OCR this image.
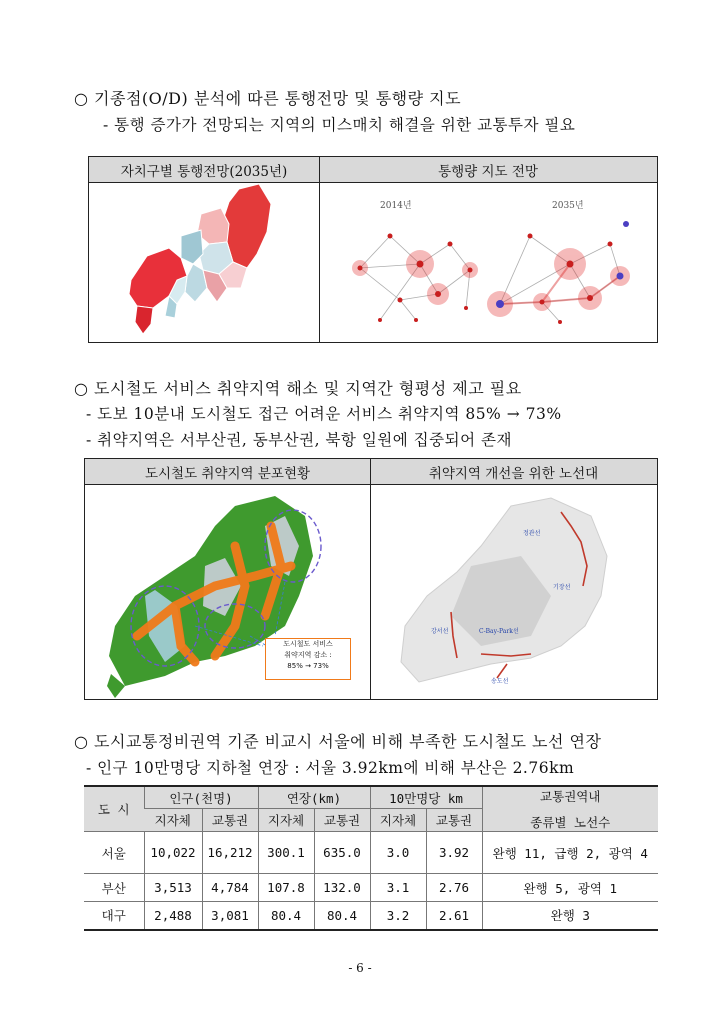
○ 기종점(O/D) 분석에 따른 통행전망 및 통행량 지도
- 통행 증가가 전망되는 지역의 미스매치 해결을 위한 교통투자 필요
자치구별 통행전망(2035년)	통행량 지도 전망
2014년	2035년
○ 도시철도 서비스 취약지역 해소 및 지역간 형평성 제고 필요
- 도보 10분내 도시철도 접근 어려운 서비스 취약지역 85% → 73%
- 취약지역은 서부산권, 동부산권, 북항 일원에 집중되어 존재
도시철도 취약지역 분포현황	취약지역 개선을 위한 노선대
도시철도 서비스
취약지역 감소 :
85% → 73%
정관선
기장선
강서선	C-Bay-Park선
송도선
○ 도시교통정비권역 기준 비교시 서울에 비해 부족한 도시철도 노선 연장
- 인구 10만명당 지하철 연장 : 서울 3.92km에 비해 부산은 2.76km
도 시	인구(천명)		연장(km)		10만명당 km		교통권역내
종류별 노선수

	지자체	교통권	지자체	교통권	지자체	교통권	
서울	10,022	16,212	300.1	635.0	3.0	3.92	완행 11, 급행 2, 광역 4
부산	3,513	4,784	107.8	132.0	3.1	2.76	완행 5, 광역 1
대구	2,488	3,081	80.4	80.4	3.2	2.61	완행 3
- 6 -
